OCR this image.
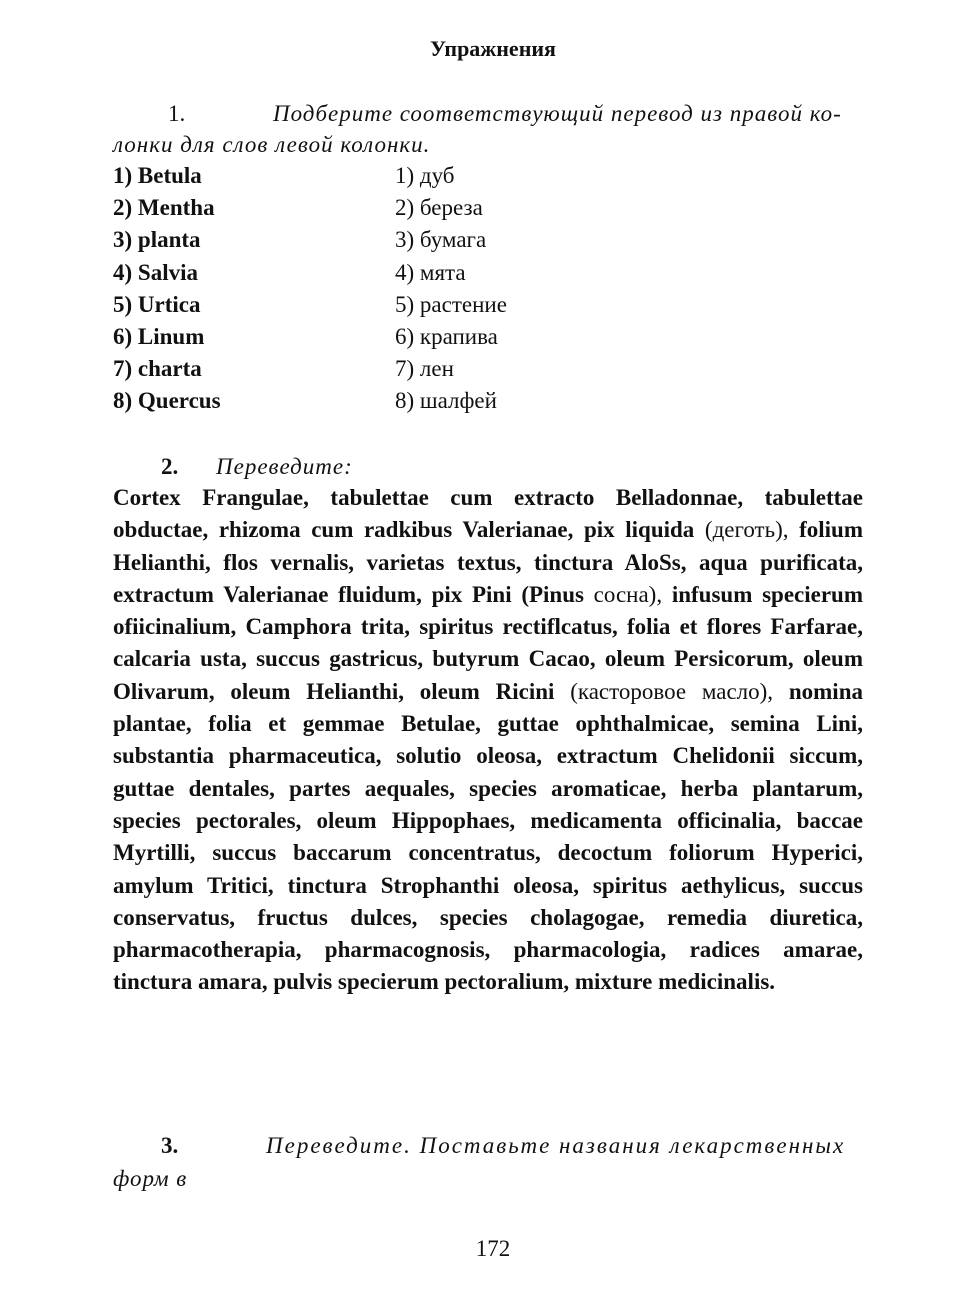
Упражнения
1.	Подберите соответствующий перевод из правой ко-
лонки для слов левой колонки.
1) Betula	1) дуб
2) Mentha	2) береза
3) planta	3) бумага
4) Salvia	4) мята
5) Urtica	5) растение
6) Linum	6) крапива
7) charta	7) лен
8) Quercus	8) шалфей
2. Переведите:
Cortex Frangulae, tabulettae cum extracto Belladonnae, tabulettae obductae, rhizoma cum radkibus Valerianae, pix liquida (деготь), folium Helianthi, flos vernalis, varietas textus, tinctura AloSs, aqua purificata, extractum Valerianae fluidum, pix Pini (Pinus сосна), infusum specierum ofiicinalium, Camphora trita, spiritus rectiflcatus, folia et flores Farfarae, calcaria usta, succus gastricus, butyrum Cacao, oleum Persicorum, oleum Olivarum, oleum Helianthi, oleum Ricini (касторовое масло), nomina plantae, folia et gemmae Betulae, guttae ophthalmicae, semina Lini, substantia pharmaceutica, solutio oleosa, extractum Chelidonii siccum, guttae dentales, partes aequales, species aromaticae, herba plantarum, species pectorales, oleum Hippophaes, medicamenta officinalia, baccae Myrtilli, succus baccarum concentratus, decoctum foliorum Hyperici, amylum Tritici, tinctura Strophanthi oleosa, spiritus aethylicus, succus conservatus, fructus dulces, species cholagogae, remedia diuretica, pharmacotherapia, pharmacognosis, pharmacologia, radices amarae, tinctura amara, pulvis specierum pectoralium, mixture medicinalis.
3.	Переведите. Поставьте названия лекарственных
форм в
172
